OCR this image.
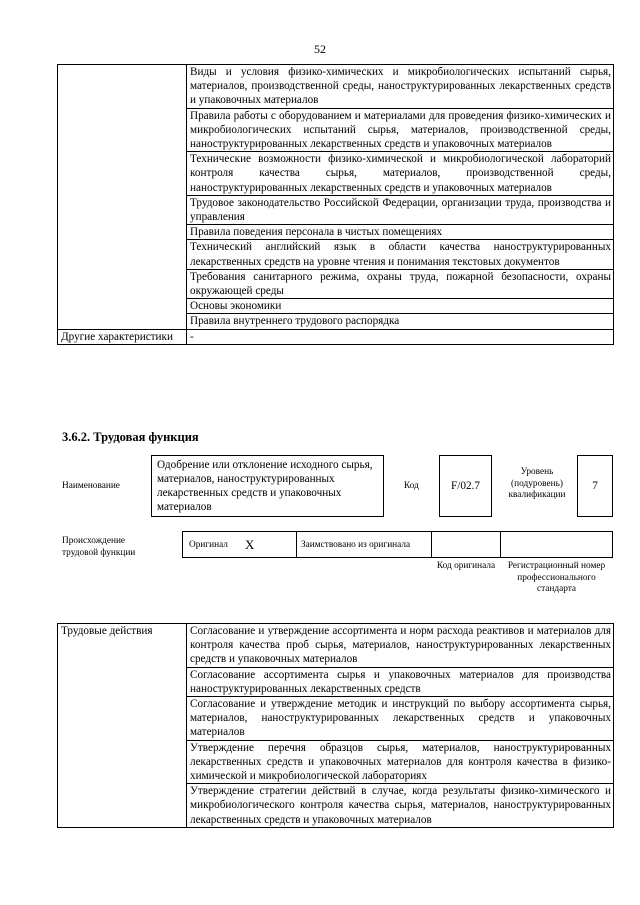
52
	Виды и условия физико-химических и микробиологических испытаний сырья, материалов, производственной среды, наноструктурированных лекарственных средств и упаковочных материалов
	Правила работы с оборудованием и материалами для проведения физико-химических и микробиологических испытаний сырья, материалов, производственной среды, наноструктурированных лекарственных средств и упаковочных материалов
	Технические возможности физико-химической и микробиологической лабораторий контроля качества сырья, материалов, производственной среды, наноструктурированных лекарственных средств и упаковочных материалов
	Трудовое законодательство Российской Федерации, организации труда, производства и управления
	Правила поведения персонала в чистых помещениях
	Технический английский язык в области качества наноструктурированных лекарственных средств на уровне чтения и понимания текстовых документов
	Требования санитарного режима, охраны труда, пожарной безопасности, охраны окружающей среды
	Основы экономики
	Правила внутреннего трудового распорядка
Другие характеристики	-
3.6.2. Трудовая функция
Наименование
Одобрение или отклонение исходного сырья, материалов, наноструктурированных лекарственных средств и упаковочных материалов
Код	F/02.7
Уровень (подуровень) квалификации
7
Происхождение трудовой функции
Оригинал X	Заимствовано из оригинала
Код оригинала	Регистрационный номер профессионального стандарта
Трудовые действия	Согласование и утверждение ассортимента и норм расхода реактивов и материалов для контроля качества проб сырья, материалов, наноструктурированных лекарственных средств и упаковочных материалов
Согласование ассортимента сырья и упаковочных материалов для производства наноструктурированных лекарственных средств
Согласование и утверждение методик и инструкций по выбору ассортимента сырья, материалов, наноструктурированных лекарственных средств и упаковочных материалов
Утверждение перечня образцов сырья, материалов, наноструктурированных лекарственных средств и упаковочных материалов для контроля качества в физико-химической и микробиологической лабораториях
Утверждение стратегии действий в случае, когда результаты физико-химического и микробиологического контроля качества сырья, материалов, наноструктурированных лекарственных средств и упаковочных материалов
